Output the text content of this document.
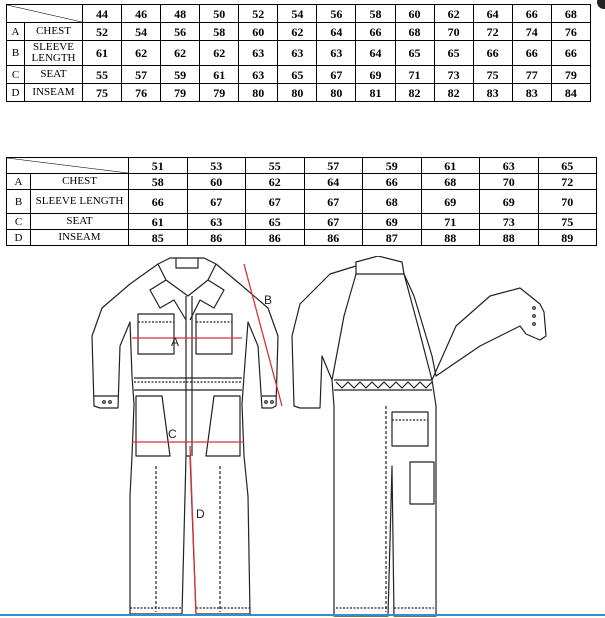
	44	46	48	50	52	54	56	58	60	62	64	66	68
A	CHEST	52	54	56	58	60	62	64	66	68	70	72	74	76
B	SLEEVE LENGTH	61	62	62	62	63	63	63	64	65	65	66	66	66
C	SEAT	55	57	59	61	63	65	67	69	71	73	75	77	79
D	INSEAM	75	76	79	79	80	80	80	81	82	82	83	83	84
	51	53	55	57	59	61	63	65
A	CHEST	58	60	62	64	66	68	70	72
B	SLEEVE LENGTH	66	67	67	67	68	69	69	70
C	SEAT	61	63	65	67	69	71	73	75
D	INSEAM	85	86	86	86	87	88	88	89
A
B
C
D
